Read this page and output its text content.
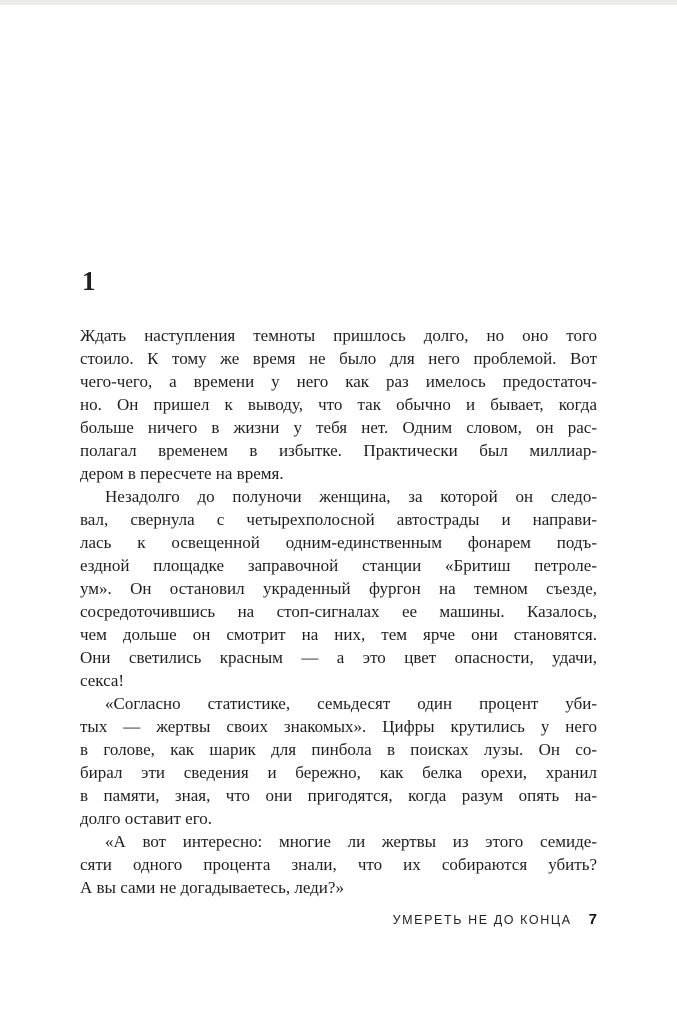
1

Ждать наступления темноты пришлось долго, но оно того
стоило. К тому же время не было для него проблемой. Вот
чего-чего, а времени у него как раз имелось предостаточ-
но. Он пришел к выводу, что так обычно и бывает, когда
больше ничего в жизни у тебя нет. Одним словом, он рас-
полагал временем в избытке. Практически был миллиар-
дером в пересчете на время.

Незадолго до полуночи женщина, за которой он следо-
вал, свернула с четырехполосной автострады и направи-
лась к освещенной одним-единственным фонарем подъ-
ездной площадке заправочной станции «Бритиш петроле-
ум». Он остановил украденный фургон на темном съезде,
сосредоточившись на стоп-сигналах ее машины. Казалось,
чем дольше он смотрит на них, тем ярче они становятся.
Они светились красным — а это цвет опасности, удачи,
секса!

«Согласно статистике, семьдесят один процент уби-
тых — жертвы своих знакомых». Цифры крутились у него
в голове, как шарик для пинбола в поисках лузы. Он со-
бирал эти сведения и бережно, как белка орехи, хранил
в памяти, зная, что они пригодятся, когда разум опять на-
долго оставит его.

«А вот интересно: многие ли жертвы из этого семиде-
сяти одного процента знали, что их собираются убить?
А вы сами не догадываетесь, леди?»

УМЕРЕТЬ НЕ ДО КОНЦА 7
